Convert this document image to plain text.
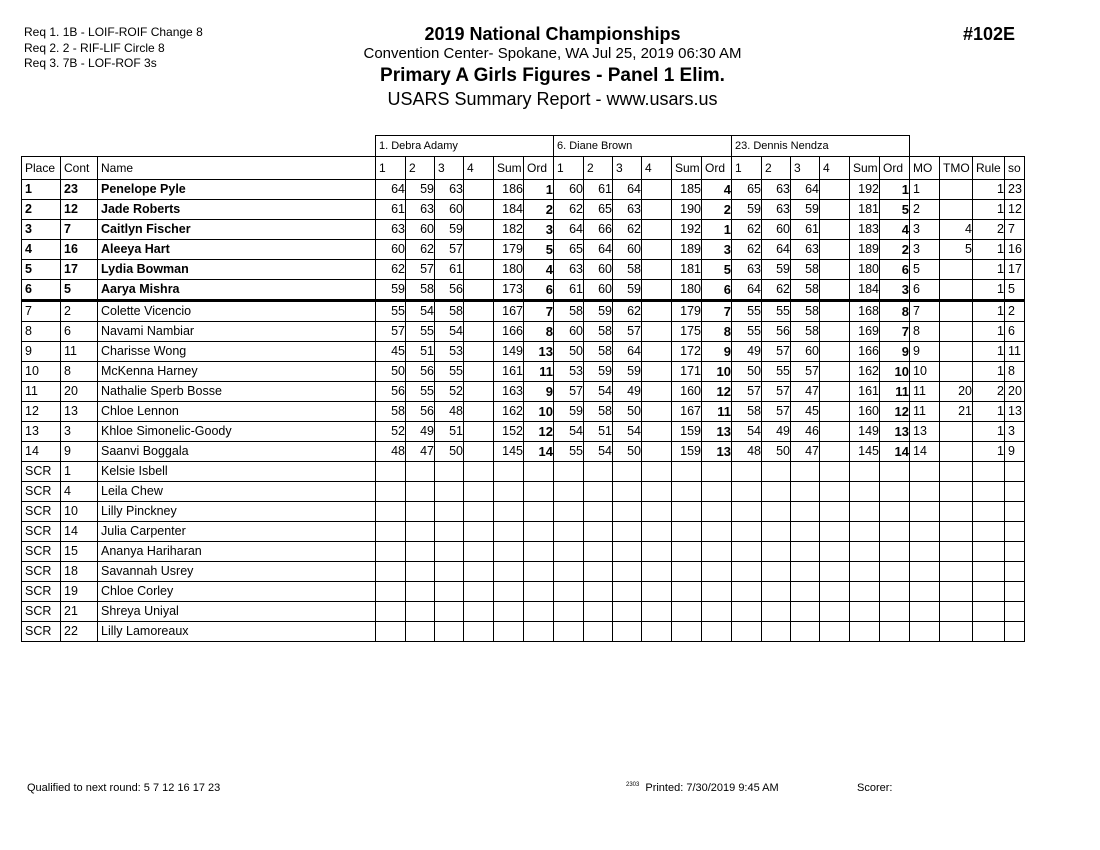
Req 1. 1B - LOIF-ROIF Change 8
Req 2. 2 - RIF-LIF Circle 8
Req 3. 7B - LOF-ROF 3s
2019 National Championships
Convention Center- Spokane, WA Jul 25, 2019 06:30 AM
Primary A Girls Figures - Panel 1 Elim.
USARS Summary Report - www.usars.us
#102E
			1. Debra Adamy						6. Diane Brown						23. Dennis Nendza									
Place	Cont	Name	1	2	3	4	Sum	Ord	1	2	3	4	Sum	Ord	1	2	3	4	Sum	Ord	MO	TMO	Rule	so
1	23	Penelope Pyle	64	59	63		186	1	60	61	64		185	4	65	63	64		192	1	1		1	23
2	12	Jade Roberts	61	63	60		184	2	62	65	63		190	2	59	63	59		181	5	2		1	12
3	7	Caitlyn Fischer	63	60	59		182	3	64	66	62		192	1	62	60	61		183	4	3	4	2	7
4	16	Aleeya Hart	60	62	57		179	5	65	64	60		189	3	62	64	63		189	2	3	5	1	16
5	17	Lydia Bowman	62	57	61		180	4	63	60	58		181	5	63	59	58		180	6	5		1	17
6	5	Aarya Mishra	59	58	56		173	6	61	60	59		180	6	64	62	58		184	3	6		1	5
7	2	Colette Vicencio	55	54	58		167	7	58	59	62		179	7	55	55	58		168	8	7		1	2
8	6	Navami Nambiar	57	55	54		166	8	60	58	57		175	8	55	56	58		169	7	8		1	6
9	11	Charisse Wong	45	51	53		149	13	50	58	64		172	9	49	57	60		166	9	9		1	11
10	8	McKenna Harney	50	56	55		161	11	53	59	59		171	10	50	55	57		162	10	10		1	8
11	20	Nathalie Sperb Bosse	56	55	52		163	9	57	54	49		160	12	57	57	47		161	11	11	20	2	20
12	13	Chloe Lennon	58	56	48		162	10	59	58	50		167	11	58	57	45		160	12	11	21	1	13
13	3	Khloe Simonelic-Goody	52	49	51		152	12	54	51	54		159	13	54	49	46		149	13	13		1	3
14	9	Saanvi Boggala	48	47	50		145	14	55	54	50		159	13	48	50	47		145	14	14		1	9
SCR	1	Kelsie Isbell																						
SCR	4	Leila Chew																						
SCR	10	Lilly Pinckney																						
SCR	14	Julia Carpenter																						
SCR	15	Ananya Hariharan																						
SCR	18	Savannah Usrey																						
SCR	19	Chloe Corley																						
SCR	21	Shreya Uniyal																						
SCR	22	Lilly Lamoreaux																						
Qualified to next round: 5 7 12 16 17 23	$^{2303}$ Printed: 7/30/2019 9:45 AM	Scorer:
